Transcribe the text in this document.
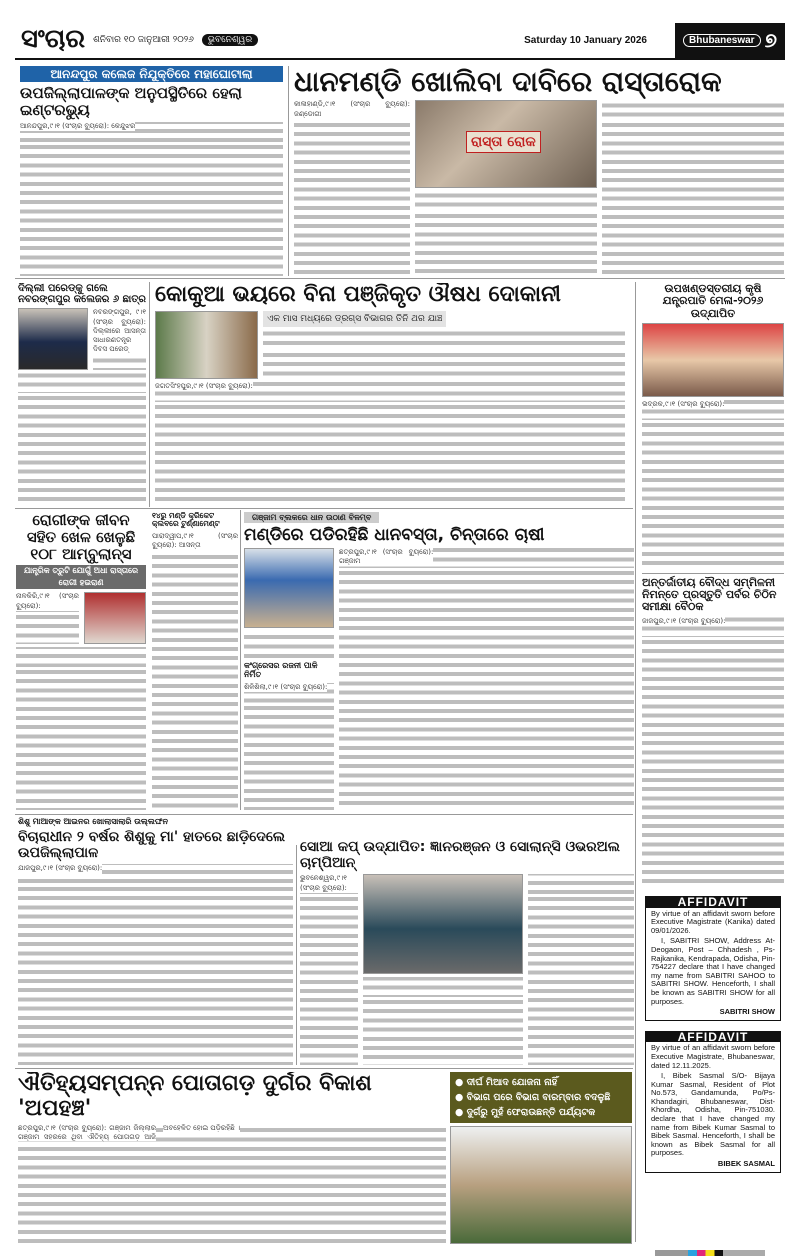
ସଂଚାର ଶନିବାର ୧୦ ଜାନୁଆରୀ ୨୦୨୬	ଭୁବନେଶ୍ୱର	Saturday 10 January 2026	Bhubaneswar ୭
ଆନନ୍ଦପୁର କଲେଜ ନିଯୁକ୍ତିରେ ମହାଘୋଟାଲା
ଉପଜିଲ୍ଲାପାଳଙ୍କ ଅନୁପସ୍ଥିତିରେ ହେଲା ଇଣ୍ଟରଭ୍ୟୁ
ଆନନ୍ଦପୁର,୯।୧ (ସଂଚାର ବ୍ୟୁରୋ): କେନ୍ଦୁଝର
ଧାନମଣ୍ଡି ଖୋଲିବା ଦାବିରେ ରାସ୍ତାରୋକ
କାଳାହାଣ୍ଡି,୯।୧ (ସଂଚାର ବ୍ୟୁରୋ): ଜଣ୍ଡୋଗୀ
ରାସ୍ତା ରୋକ
ଦିଲ୍ଲୀ ପରେଡ୍‌କୁ ଗଲେ ନବରଙ୍ଗପୁର କଲେଜର ୬ ଛାତ୍ର
ନବରଙ୍ଗପୁର, ୯।୧ (ସଂଚାର ବ୍ୟୁରୋ): ଦିଲ୍ଲୀରେ ଆସନ୍ତା ସାଧାରଣତନ୍ତ୍ର ଦିବସ ପରେଡ୍
କୋକୁଆ ଭୟରେ ବିନା ପଞ୍ଜିକୃତ ଔଷଧ ଦୋକାନୀ
ଏକ ମାସ ମଧ୍ୟରେ ଡ୍ରଗ୍ସ ବିଭାଗର ତିନି ଥର ଯାଞ୍ଚ
ଜଗତସିଂହପୁର,୯।୧ (ସଂଚାର ବ୍ୟୁରୋ):
ଉପଖଣ୍ଡସ୍ତରୀୟ କୃଷି ଯନ୍ତ୍ରପାତି ମେଳା-୨୦୨୬ ଉଦ୍‌ଯାପିତ
ଭଦ୍ରକ,୯।୧ (ସଂଚାର ବ୍ୟୁରୋ):
ଅନ୍ତର୍ଜାତୀୟ ବୌଦ୍ଧ ସମ୍ମିଳନୀ ନିମନ୍ତେ ପ୍ରସ୍ତୁତି ପର୍ବର ଚିଠିନ ସମୀକ୍ଷା ବୈଠକ
ଜାଜପୁର,୯।୧ (ସଂଚାର ବ୍ୟୁରୋ):
AFFIDAVIT

By virtue of an affidavit sworn before Executive Magistrate (Kanika) dated 09/01/2026.

I, SABITRI SHOW, Address At-Deogaon, Post – Chhadesh , Ps-Rajkanika, Kendrapada, Odisha, Pin-754227 declare that I have changed my name from SABITRI SAHOO to SABITRI SHOW. Henceforth, I shall be known as SABITRI SHOW for all purposes.

SABITRI SHOW
AFFIDAVIT

By virtue of an affidavit sworn before Executive Magistrate, Bhubaneswar, dated 12.11.2025.

I, Bibek Sasmal S/O- Bijaya Kumar Sasmal, Resident of Plot No.573, Gandamunda, Po/Ps-Khandagiri, Bhubaneswar, Dist-Khordha, Odisha, Pin-751030. declare that I have changed my name from Bibek Kumar Sasmal to Bibek Sasmal. Henceforth, I shall be known as Bibek Sasmal for all purposes.

BIBEK SASMAL
ରୋଗୀଙ୍କ ଜୀବନ ସହିତ ଖେଳ ଖେଳୁଛି ୧୦୮ ଆମ୍ବୁଲାନ୍ସ
ଯାନ୍ତ୍ରିକ ତ୍ରୁଟି ଯୋଗୁଁ ଅଧା ରାସ୍ତାରେ ରୋଗୀ ହଇରାଣ
ନାଳକିରି,୯।୧ (ସଂଚାର ବ୍ୟୁରୋ):
୧୪ରୁ ମଣ୍ଡି କ୍ରିକେଟ କ୍ଲବରେ ଟୁର୍ଣ୍ଣାମେଣ୍ଟ
ପାରାଦ୍ୱୀପ,୯।୧ (ସଂଚାର ବ୍ୟୁରୋ): ଆସନ୍ତା
ଗଞ୍ଜାମ ବ୍ଲକରେ ଧାନ ଉଠାଣ ବିଳମ୍ବ
ମଣ୍ଡିରେ ପଡିରହିଛି ଧାନବସ୍ତା, ଚିନ୍ତାରେ ଚାଷୀ
କଂଗ୍ରେସର ରଜନୀ ପାଳି ନିର୍ମିତ
ଶିଳିଶିଲା,୯।୧ (ସଂଚାର ବ୍ୟୁରୋ):
ଛତ୍ରପୁର,୯।୧ (ସଂଚାର ବ୍ୟୁରୋ): ଗଞ୍ଜାମ
ଶିଶୁ ମାଆଙ୍କ ଆଇନର ଖୋଲାସାଲାରି ଉଲ୍ଲଙ୍ଘନ
ବିଚାରାଧୀନ ୨ ବର୍ଷର ଶିଶୁକୁ ମା' ହାତରେ ଛାଡ଼ିଦେଲେ ଉପଜିଲ୍ଲାପାଳ
ଯାଜପୁର,୯।୧ (ସଂଚାର ବ୍ୟୁରୋ):
ସୋଆ କପ୍ ଉଦ୍‌ଯାପିତ: ଜ୍ଞାନରଞ୍ଜନ ଓ ସୋଲାନ୍‌ସି ଓଭରଅଲ ଚାମ୍ପିଆନ୍
ଭୁବନେଶ୍ୱର,୯।୧ (ସଂଚାର ବ୍ୟୁରୋ):
ଐତିହ୍ୟସମ୍ପନ୍ନ ପୋତାଗଡ଼ ଦୁର୍ଗର ବିକାଶ 'ଅପହଞ୍ଚ'
ଛତ୍ରପୁର,୯।୧ (ସଂଚାର ବ୍ୟୁରୋ): ଗଞ୍ଜାମ ଜିଲ୍ଲାର ଗଞ୍ଜାମ ସହରରେ ଥିବା ଐତିହ୍ୟ ପୋତାଗଡ଼ ଆଜି ଅବହେଳିତ ହୋଇ ପଡ଼ିରହିଛି ।
● ଦୀର୍ଘ ମିଆଦ ଯୋଜନା ନାହିଁ
● ବିଭାଗ ପରେ ବିଭାଗ ବାରମ୍ବାର ବଦଳୁଛି
● ଦୁର୍ଗରୁ ମୁହଁ ଫେରାଉଛନ୍ତି ପର୍ଯ୍ୟଟକ
